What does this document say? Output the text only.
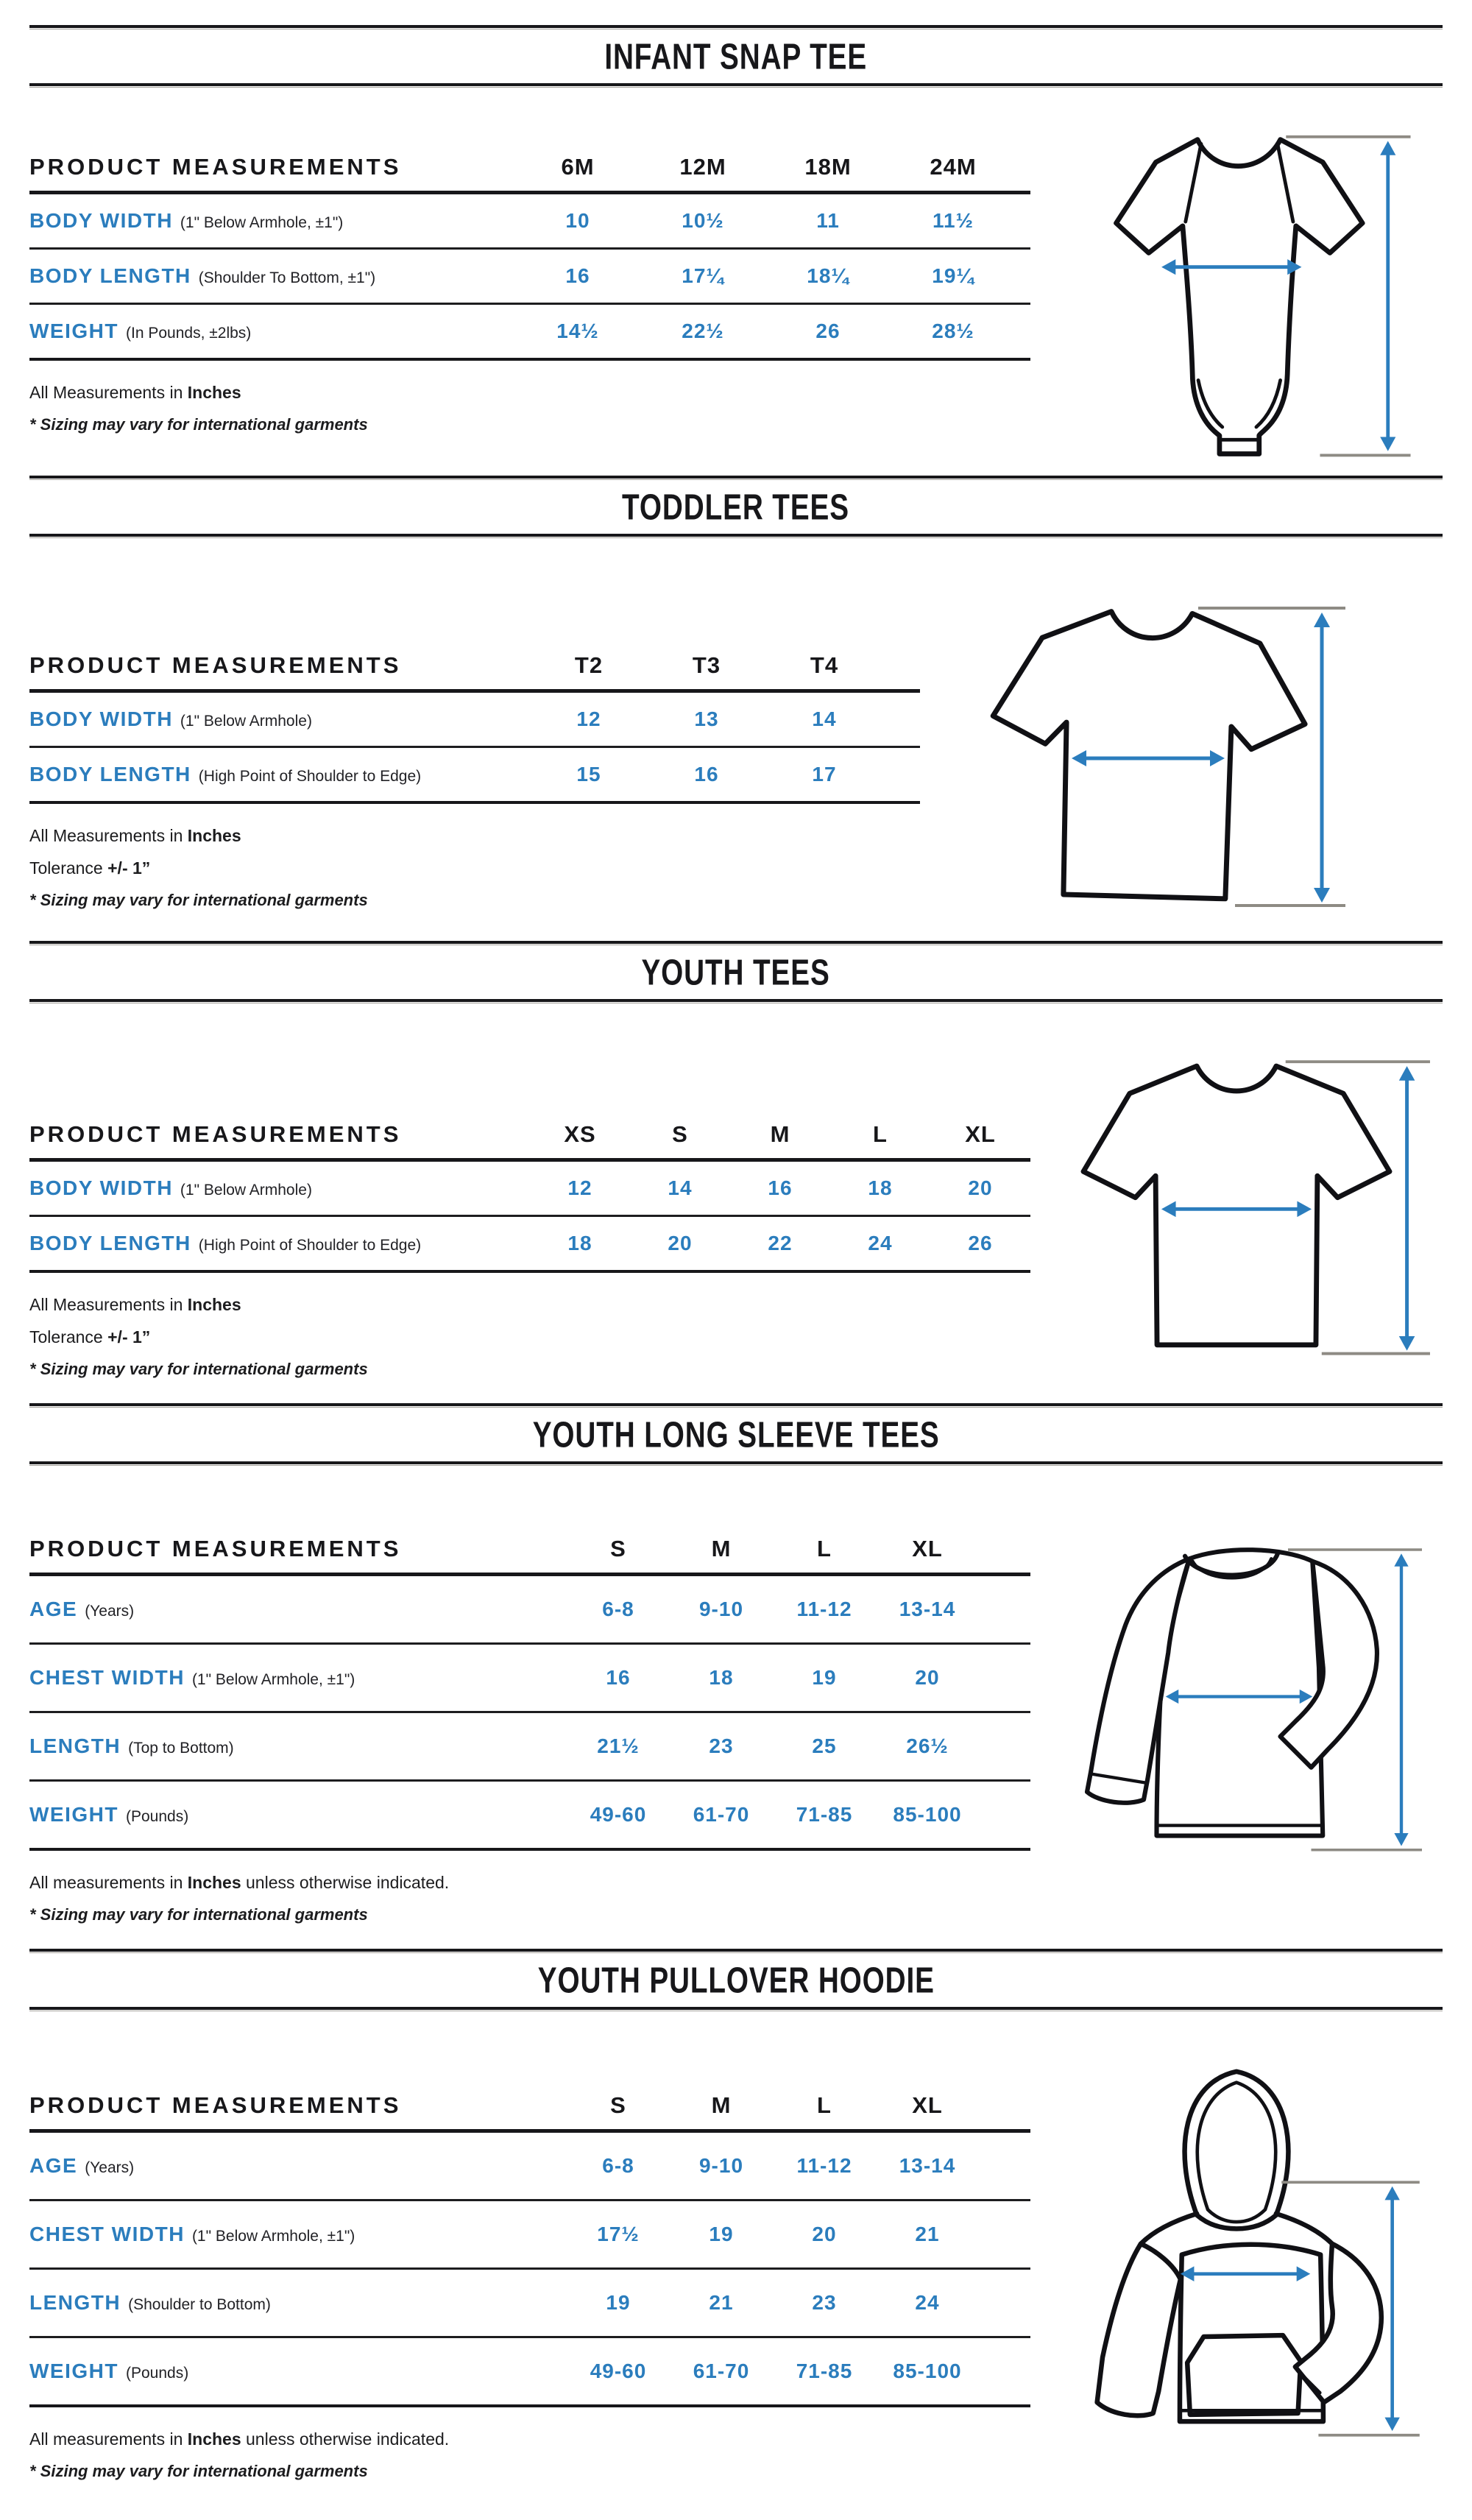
INFANT SNAP TEE
PRODUCT MEASUREMENTS	6M	12M	18M	24M
BODY WIDTH (1" Below Armhole, ±1")	10	10½	11	11½
BODY LENGTH (Shoulder To Bottom, ±1")	16	17¼	18¼	19¼
WEIGHT (In Pounds, ±2lbs)	14½	22½	26	28½

All Measurements in Inches

* Sizing may vary for international garments

TODDLER TEES
PRODUCT MEASUREMENTS	T2	T3	T4
BODY WIDTH (1" Below Armhole)	12	13	14
BODY LENGTH (High Point of Shoulder to Edge)	15	16	17

All Measurements in Inches

Tolerance +/- 1”

* Sizing may vary for international garments

YOUTH TEES
PRODUCT MEASUREMENTS	XS	S	M	L	XL
BODY WIDTH (1" Below Armhole)	12	14	16	18	20
BODY LENGTH (High Point of Shoulder to Edge)	18	20	22	24	26

All Measurements in Inches

Tolerance +/- 1”

* Sizing may vary for international garments

YOUTH LONG SLEEVE TEES
PRODUCT MEASUREMENTS	S	M	L	XL
AGE (Years)	6-8	9-10	11-12	13-14
CHEST WIDTH (1" Below Armhole, ±1")	16	18	19	20
LENGTH (Top to Bottom)	21½	23	25	26½
WEIGHT (Pounds)	49-60	61-70	71-85	85-100

All measurements in Inches unless otherwise indicated.

* Sizing may vary for international garments

YOUTH PULLOVER HOODIE
PRODUCT MEASUREMENTS	S	M	L	XL
AGE (Years)	6-8	9-10	11-12	13-14
CHEST WIDTH (1" Below Armhole, ±1")	17½	19	20	21
LENGTH (Shoulder to Bottom)	19	21	23	24
WEIGHT (Pounds)	49-60	61-70	71-85	85-100

All measurements in Inches unless otherwise indicated.

* Sizing may vary for international garments
